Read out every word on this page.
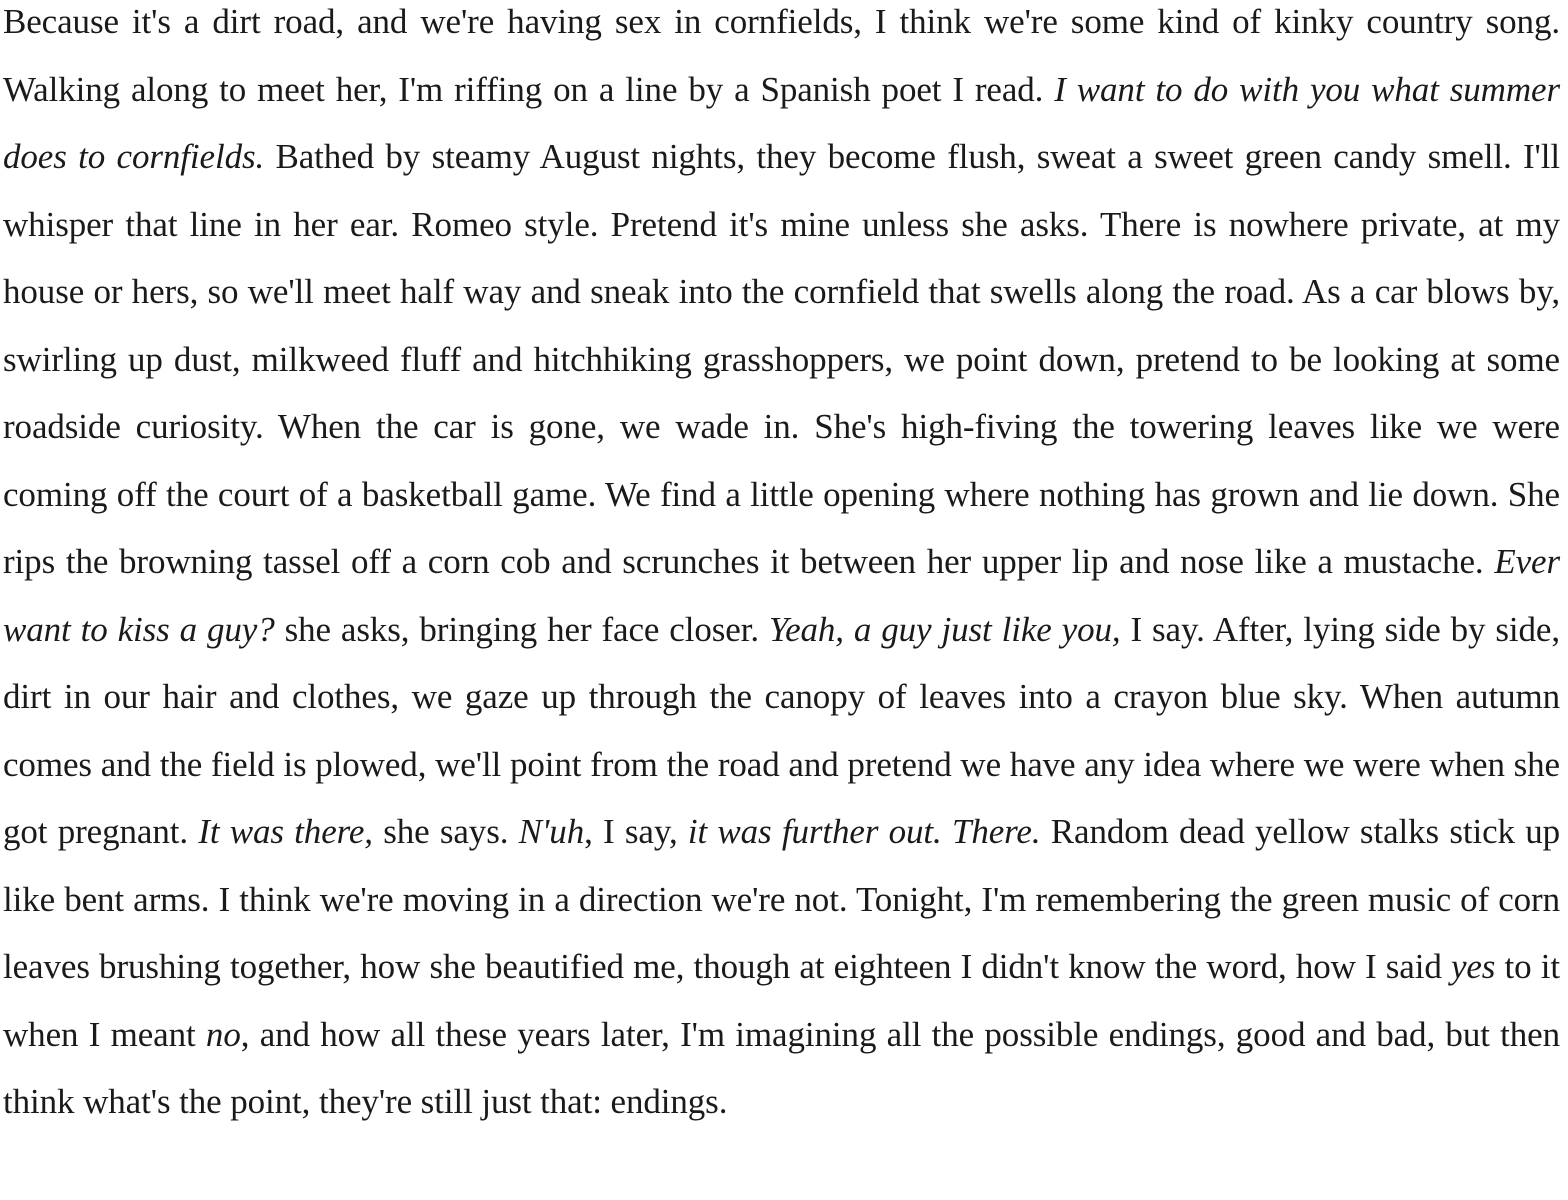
Because it's a dirt road, and we're having sex in cornfields, I think we're some kind of kinky country song. Walking along to meet her, I'm riffing on a line by a Spanish poet I read. I want to do with you what summer does to cornfields. Bathed by steamy August nights, they become flush, sweat a sweet green candy smell. I'll whisper that line in her ear. Romeo style. Pretend it's mine unless she asks. There is nowhere private, at my house or hers, so we'll meet half way and sneak into the cornfield that swells along the road. As a car blows by, swirling up dust, milkweed fluff and hitchhiking grasshoppers, we point down, pretend to be looking at some roadside curiosity. When the car is gone, we wade in. She's high-fiving the towering leaves like we were coming off the court of a basketball game. We find a little opening where nothing has grown and lie down. She rips the browning tassel off a corn cob and scrunches it between her upper lip and nose like a mustache. Ever want to kiss a guy? she asks, bringing her face closer. Yeah, a guy just like you, I say. After, lying side by side, dirt in our hair and clothes, we gaze up through the canopy of leaves into a crayon blue sky. When autumn comes and the field is plowed, we'll point from the road and pretend we have any idea where we were when she got pregnant. It was there, she says. N'uh, I say, it was further out. There. Random dead yellow stalks stick up like bent arms. I think we're moving in a direction we're not. Tonight, I'm remembering the green music of corn leaves brushing together, how she beautified me, though at eighteen I didn't know the word, how I said yes to it when I meant no, and how all these years later, I'm imagining all the possible endings, good and bad, but then think what's the point, they're still just that: endings.
